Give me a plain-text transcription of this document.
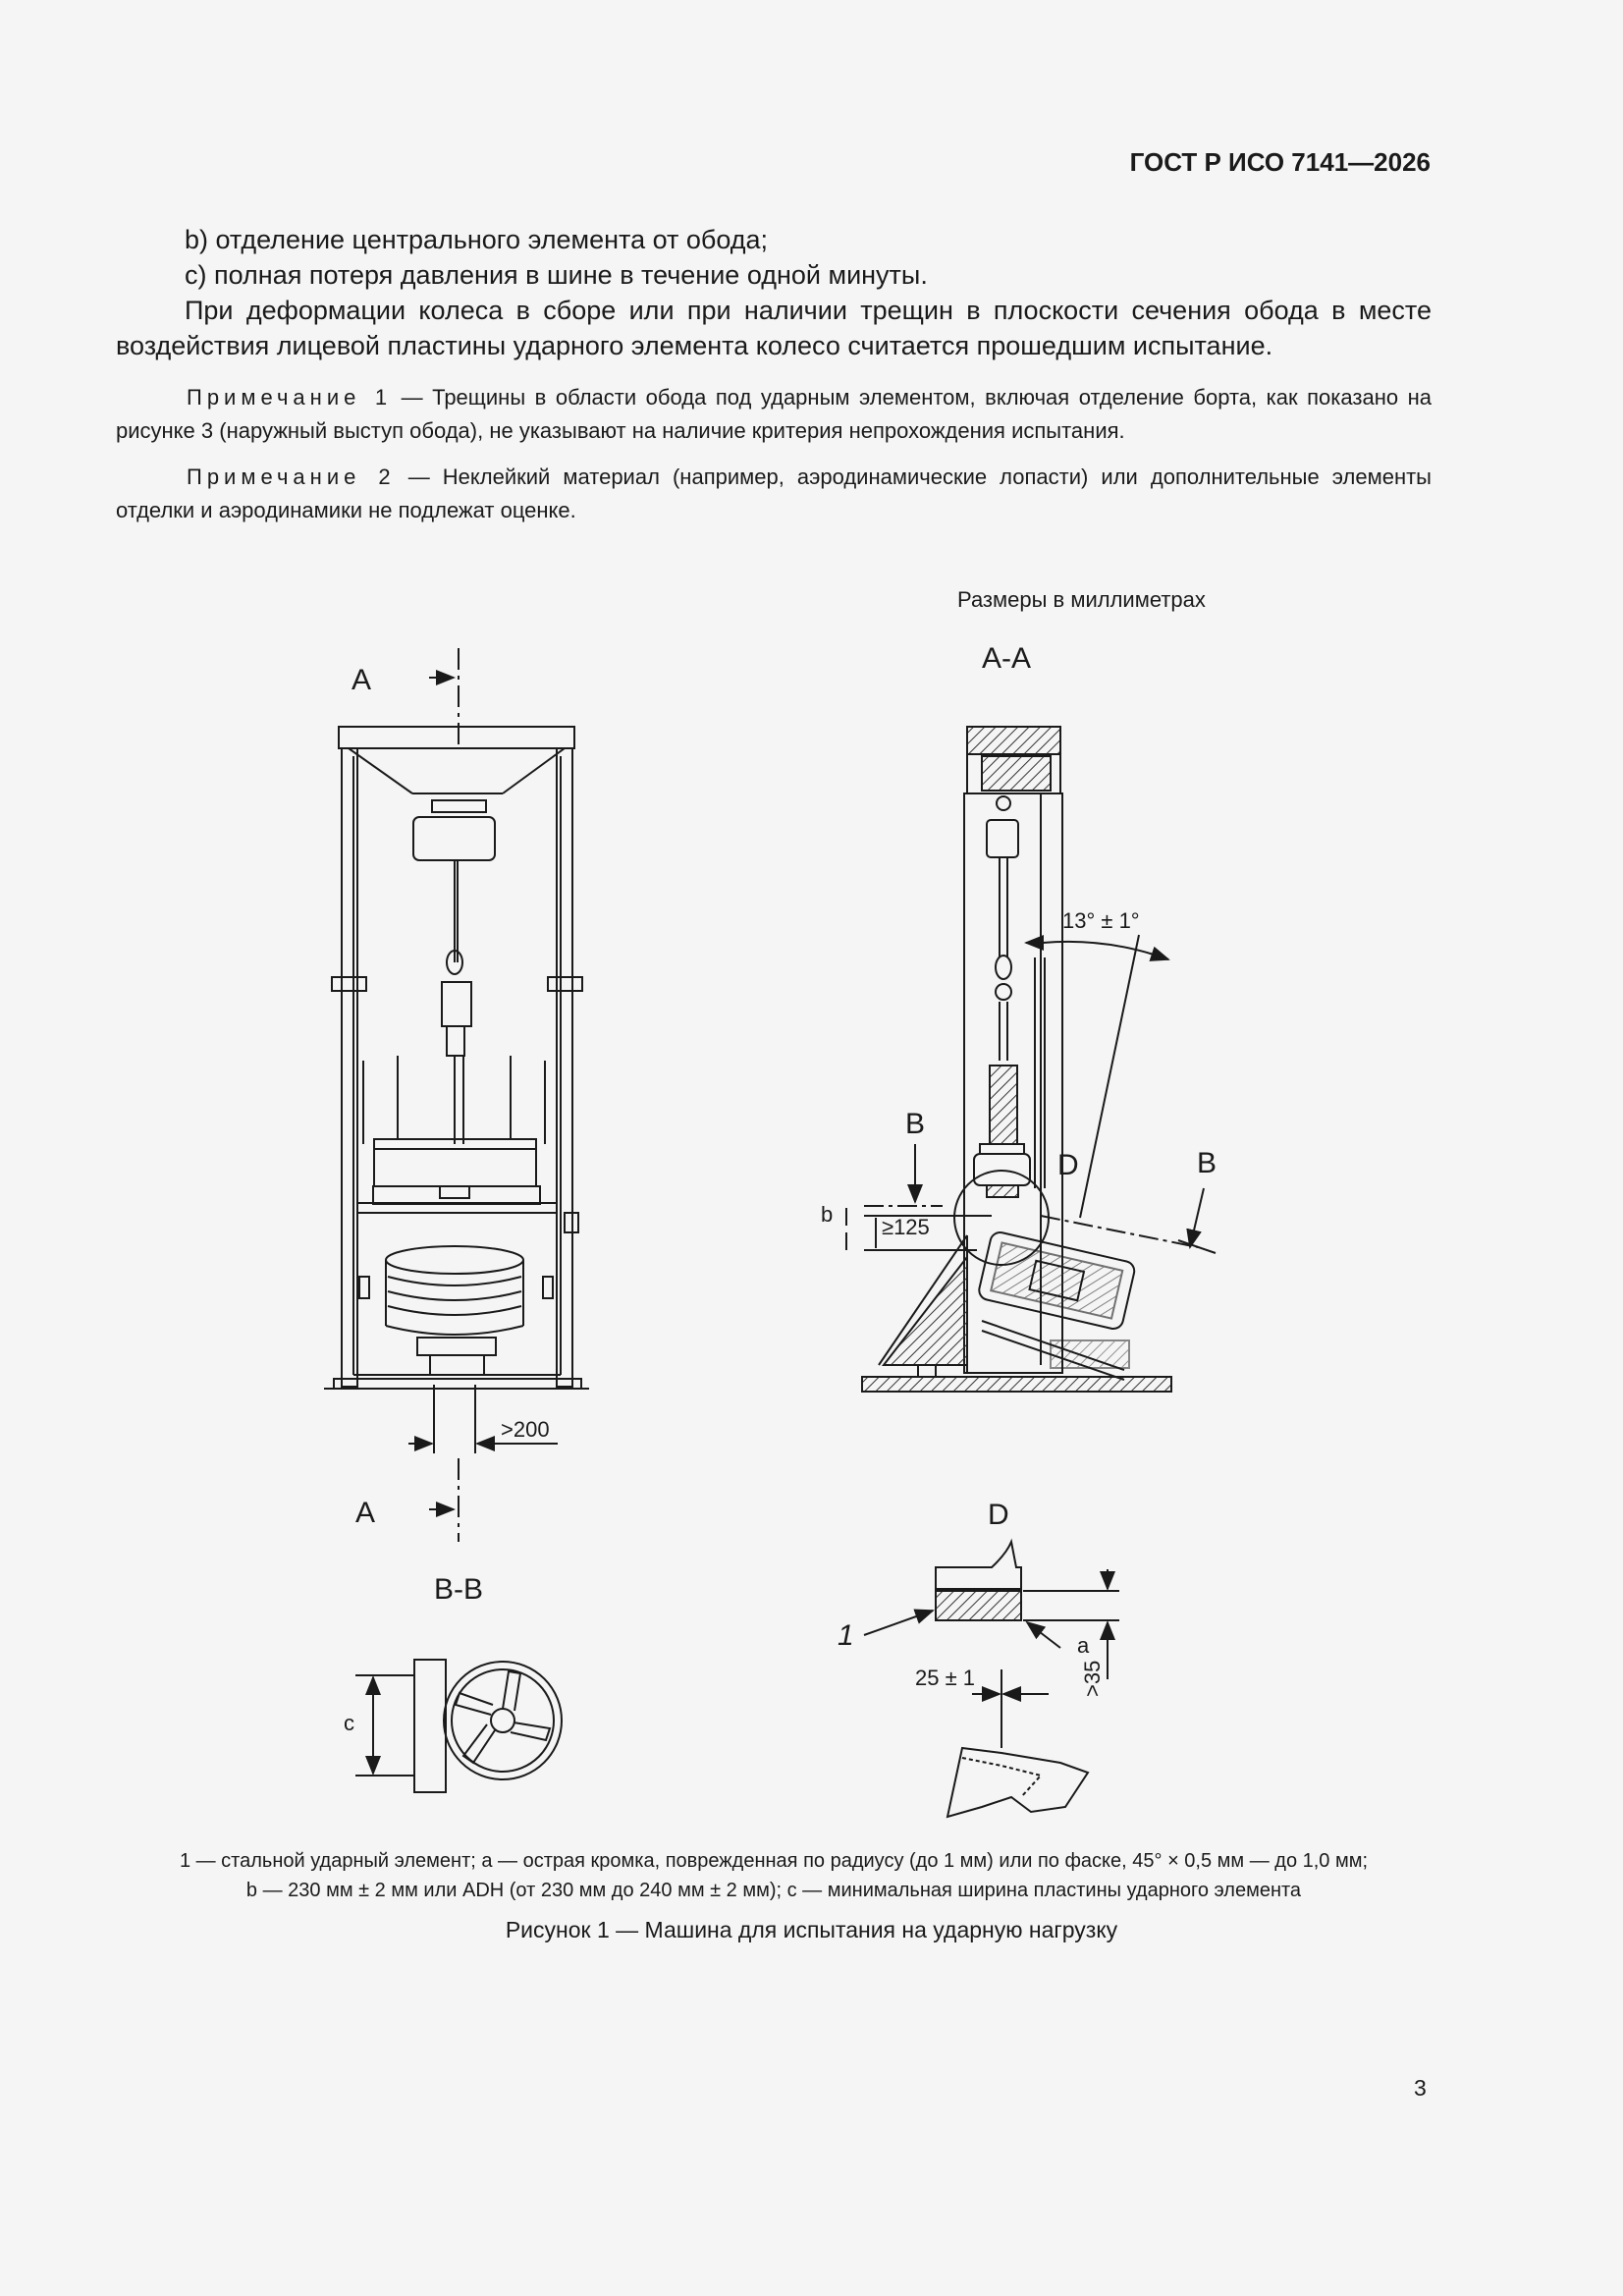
ГОСТ Р ИСО 7141—2026

b) отделение центрального элемента от обода;

c) полная потеря давления в шине в течение одной минуты.

При деформации колеса в сборе или при наличии трещин в плоскости сечения обода в месте воздействия лицевой пластины ударного элемента колесо считается прошедшим испытание.

Примечание 1 — Трещины в области обода под ударным элементом, включая отделение борта, как показано на рисунке 3 (наружный выступ обода), не указывают на наличие критерия непрохождения испытания.

Примечание 2 — Неклейкий материал (например, аэродинамические лопасти) или дополнительные элементы отделки и аэродинамики не подлежат оценке.

Размеры в миллиметрах
A
>200
A
A-A
13° ± 1°
B
B
D
≥125
b
B-B
c
D
a
1
25 ± 1	>35
1 — стальной ударный элемент; a — острая кромка, поврежденная по радиусу (до 1 мм) или по фаске, 45° × 0,5 мм — до 1,0 мм;
b — 230 мм ± 2 мм или ADH (от 230 мм до 240 мм ± 2 мм); c — минимальная ширина пластины ударного элемента
Рисунок 1 — Машина для испытания на ударную нагрузку
3
